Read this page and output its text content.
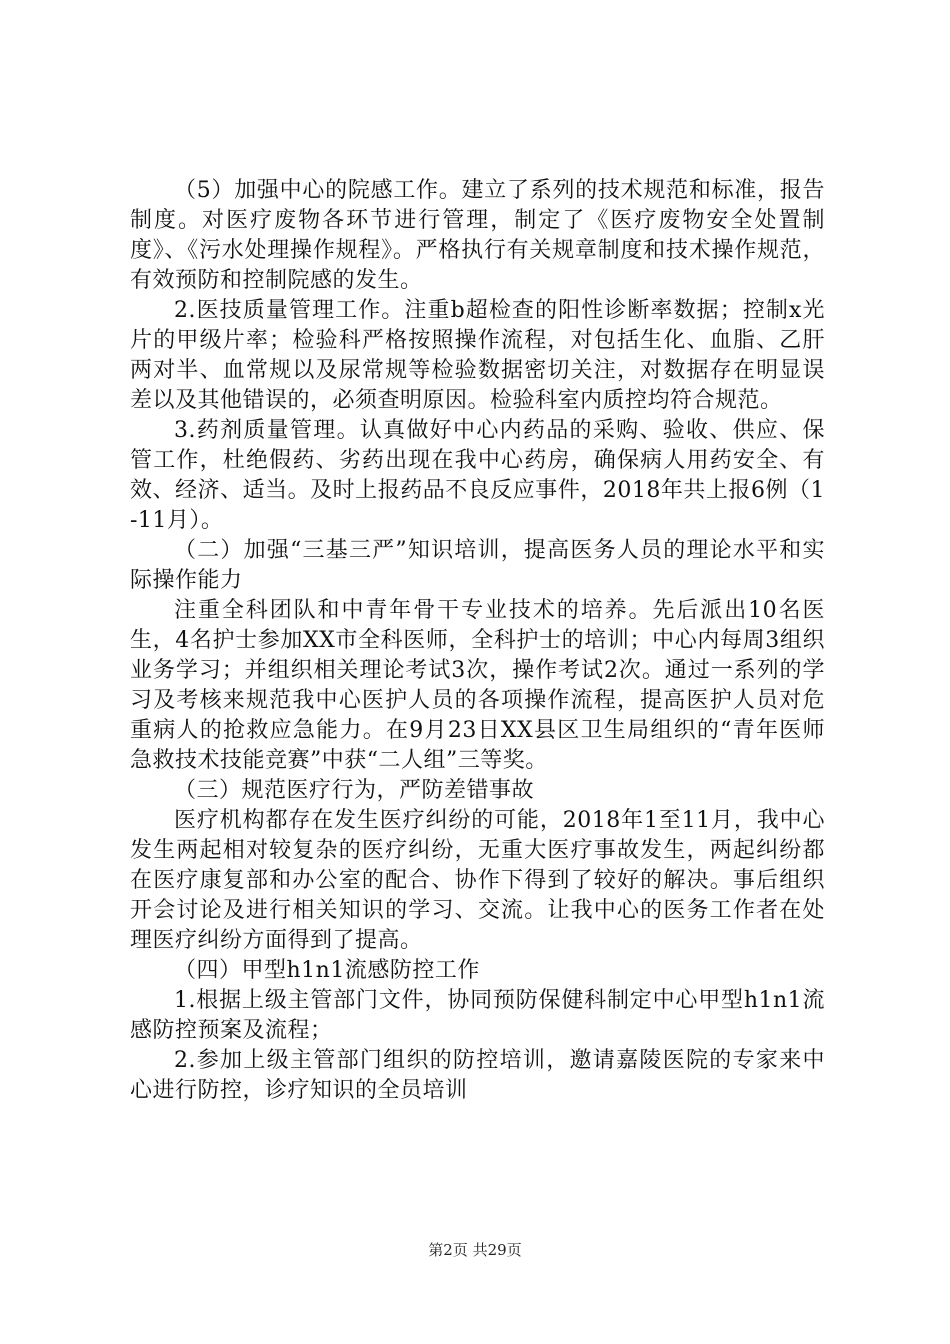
（5）加强中心的院感工作。建立了系列的技术规范和标准，报告制度。对医疗废物各环节进行管理，制定了《医疗废物安全处置制度》、《污水处理操作规程》。严格执行有关规章制度和技术操作规范，有效预防和控制院感的发生。

2.医技质量管理工作。注重b超检查的阳性诊断率数据；控制x光片的甲级片率；检验科严格按照操作流程，对包括生化、血脂、乙肝两对半、血常规以及尿常规等检验数据密切关注，对数据存在明显误差以及其他错误的，必须查明原因。检验科室内质控均符合规范。

3.药剂质量管理。认真做好中心内药品的采购、验收、供应、保管工作，杜绝假药、劣药出现在我中心药房，确保病人用药安全、有效、经济、适当。及时上报药品不良反应事件，2018年共上报6例（1-11月）。

（二）加强“三基三严”知识培训，提高医务人员的理论水平和实际操作能力

注重全科团队和中青年骨干专业技术的培养。先后派出10名医生，4名护士参加XX市全科医师，全科护士的培训；中心内每周3组织业务学习；并组织相关理论考试3次，操作考试2次。通过一系列的学习及考核来规范我中心医护人员的各项操作流程，提高医护人员对危重病人的抢救应急能力。在9月23日XX县区卫生局组织的“青年医师急救技术技能竞赛”中获“二人组”三等奖。

（三）规范医疗行为，严防差错事故

医疗机构都存在发生医疗纠纷的可能，2018年1至11月，我中心发生两起相对较复杂的医疗纠纷，无重大医疗事故发生，两起纠纷都在医疗康复部和办公室的配合、协作下得到了较好的解决。事后组织开会讨论及进行相关知识的学习、交流。让我中心的医务工作者在处理医疗纠纷方面得到了提高。

（四）甲型h1n1流感防控工作

1.根据上级主管部门文件，协同预防保健科制定中心甲型h1n1流感防控预案及流程；

2.参加上级主管部门组织的防控培训，邀请嘉陵医院的专家来中心进行防控，诊疗知识的全员培训

第2页 共29页
